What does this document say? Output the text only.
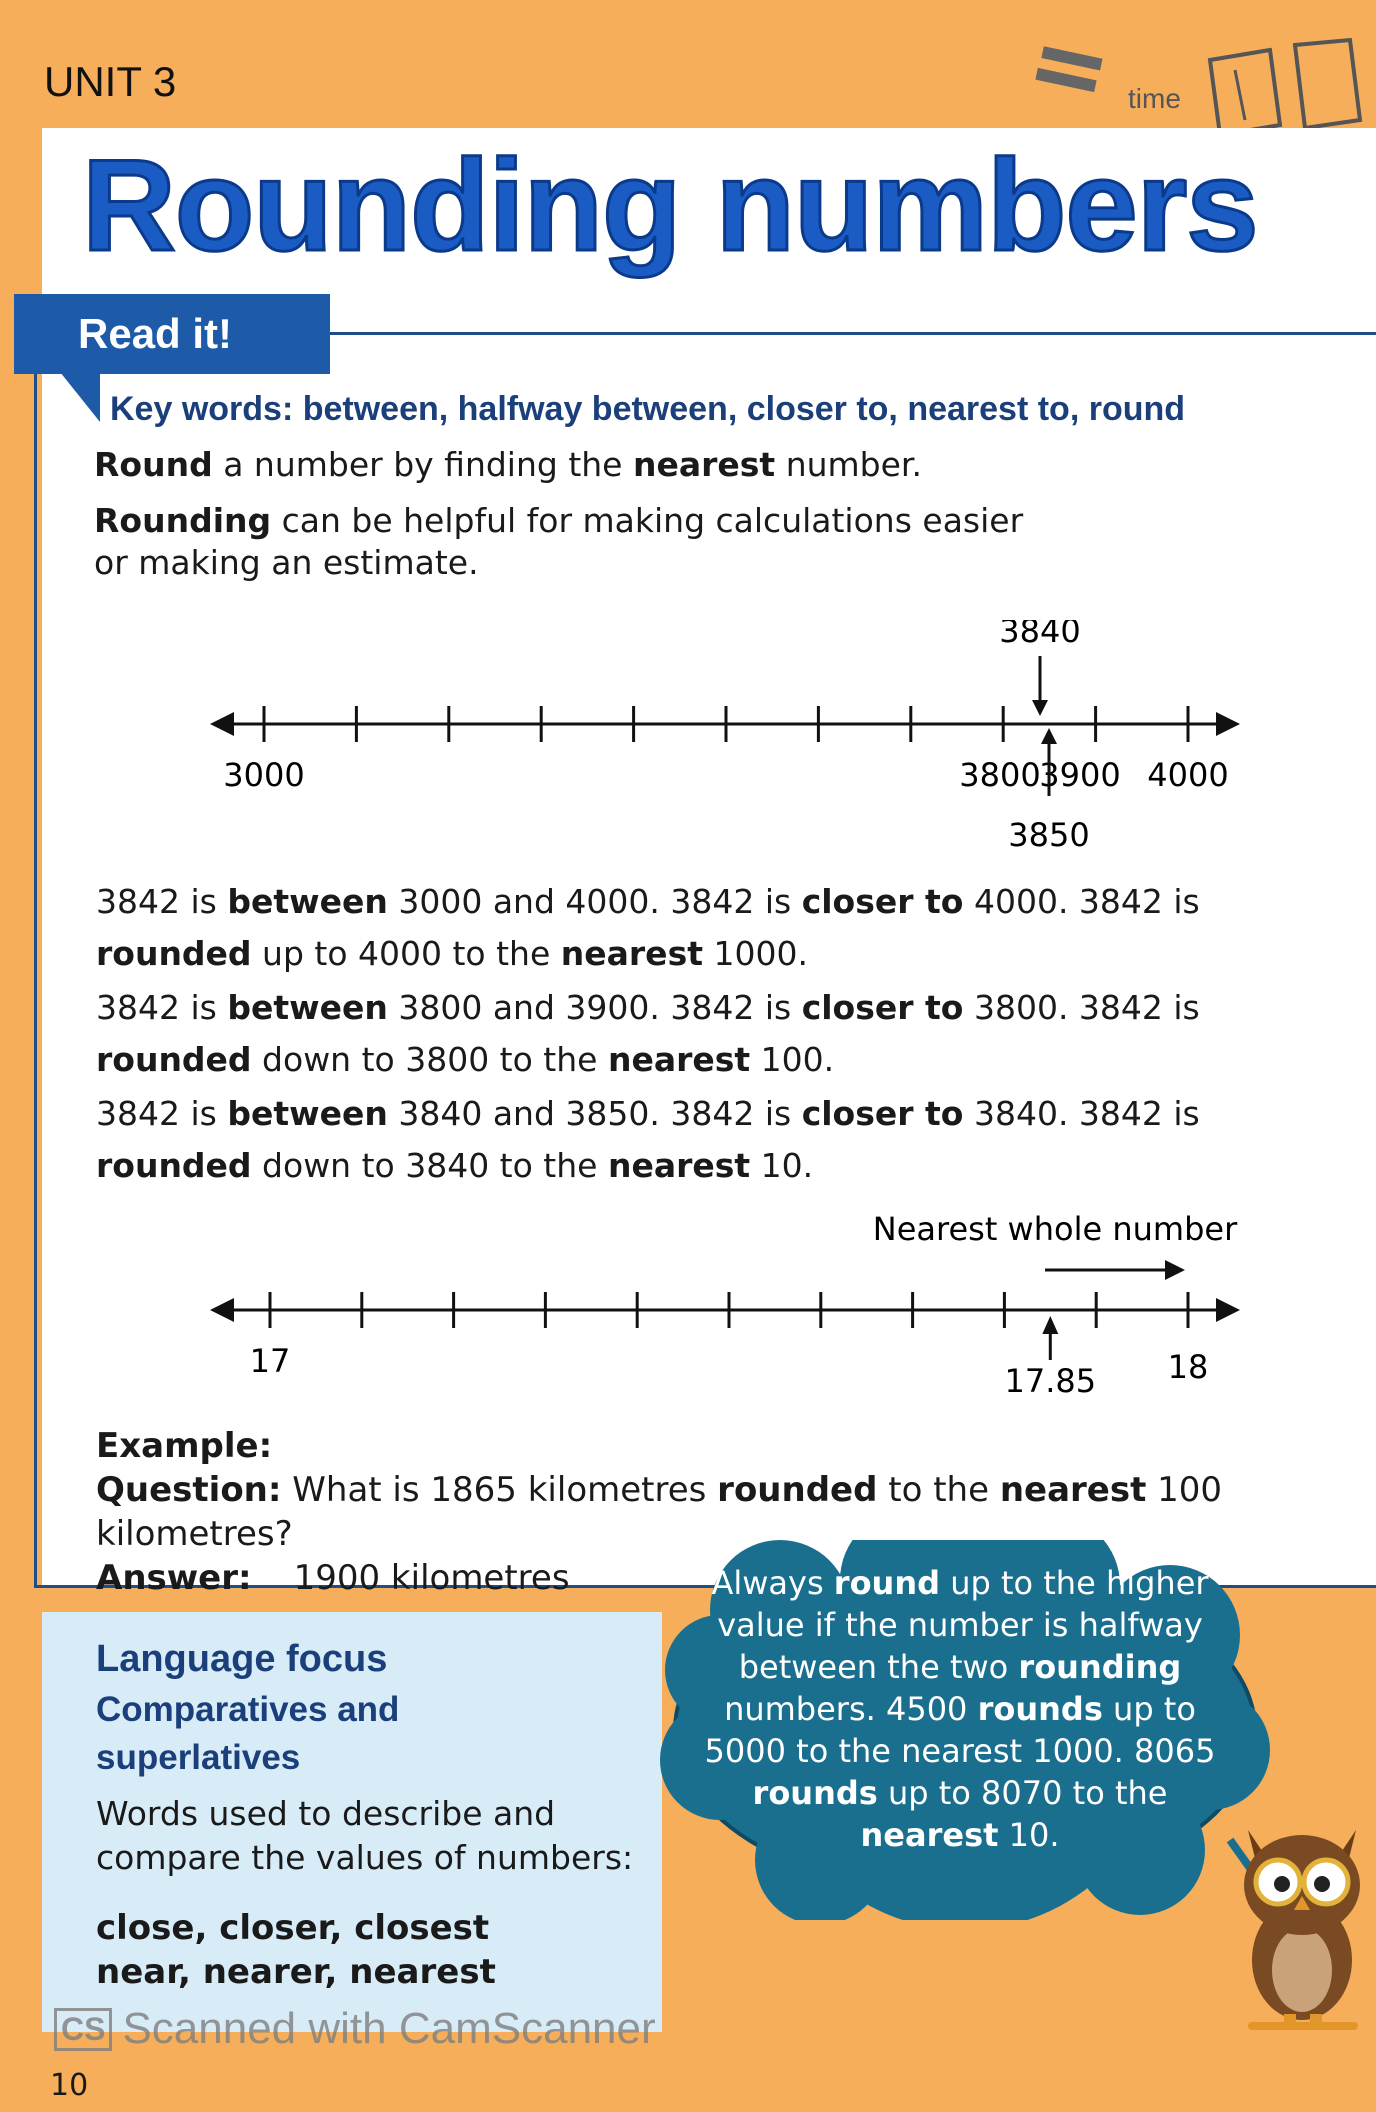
UNIT 3	time
Rounding numbers
Read it!
Key words: between, halfway between, closer to, nearest to, round
Round a number by finding the nearest number.
Rounding can be helpful for making calculations easier or making an estimate.
3000	3800
3900 4000
3840
3850
3842 is between 3000 and 4000. 3842 is closer to 4000. 3842 is rounded up to 4000 to the nearest 1000.
3842 is between 3800 and 3900. 3842 is closer to 3800. 3842 is rounded down to 3800 to the nearest 100.
3842 is between 3840 and 3850. 3842 is closer to 3840. 3842 is rounded down to 3840 to the nearest 10.
Nearest whole number
17	18
17.85
Example:
Question: What is 1865 kilometres rounded to the nearest 100 kilometres?
Answer: 1900 kilometres
Language focus
Comparatives and superlatives
Words used to describe and compare the values of numbers:
close, closer, closest
near, nearer, nearest
Always round up to the higher value if the number is halfway between the two rounding numbers. 4500 rounds up to 5000 to the nearest 1000. 8065 rounds up to 8070 to the nearest 10.
CS Scanned with CamScanner
10
